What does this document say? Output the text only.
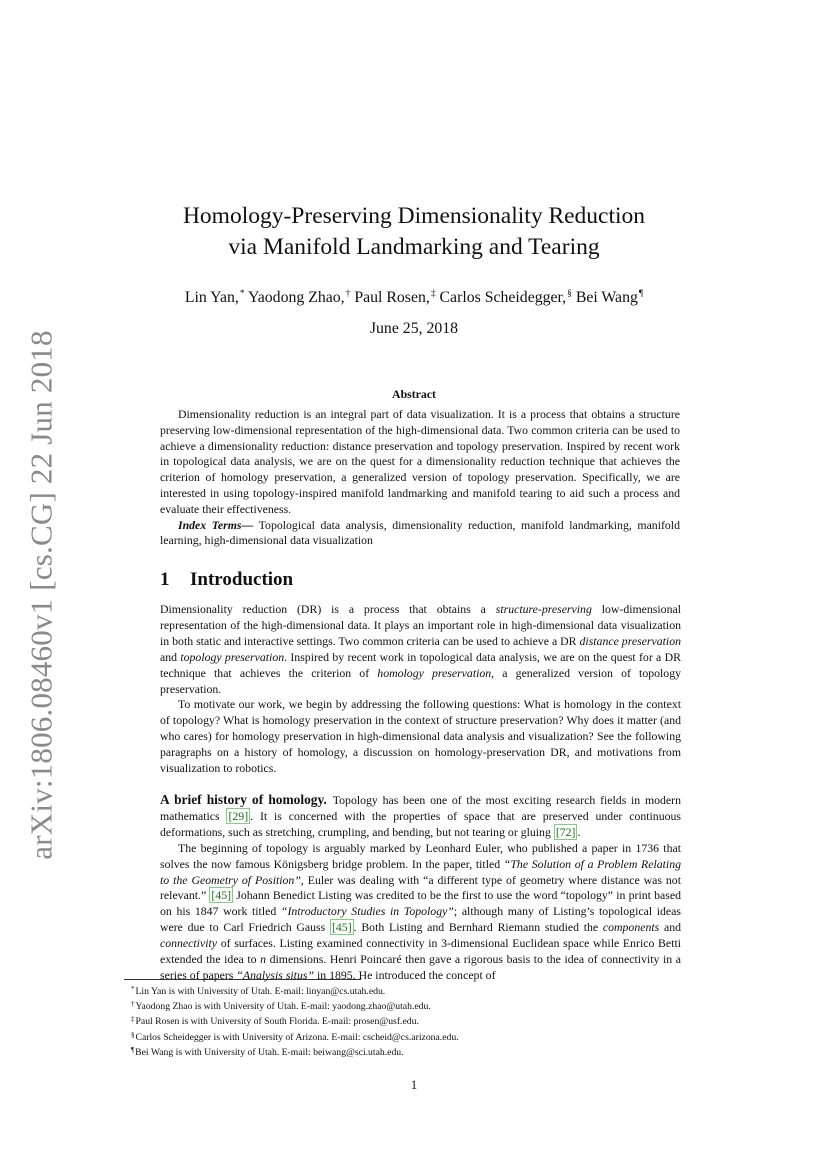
arXiv:1806.08460v1 [cs.CG] 22 Jun 2018
Homology-Preserving Dimensionality Reduction
via Manifold Landmarking and Tearing
Lin Yan,* Yaodong Zhao,† Paul Rosen,‡ Carlos Scheidegger,§ Bei Wang¶
June 25, 2018
Abstract

Dimensionality reduction is an integral part of data visualization. It is a process that obtains a structure preserving low-dimensional representation of the high-dimensional data. Two common criteria can be used to achieve a dimensionality reduction: distance preservation and topology preservation. Inspired by recent work in topological data analysis, we are on the quest for a dimensionality reduction technique that achieves the criterion of homology preservation, a generalized version of topology preservation. Specifically, we are interested in using topology-inspired manifold landmarking and manifold tearing to aid such a process and evaluate their effectiveness.

Index Terms— Topological data analysis, dimensionality reduction, manifold landmarking, manifold learning, high-dimensional data visualization

1 Introduction

Dimensionality reduction (DR) is a process that obtains a structure-preserving low-dimensional representation of the high-dimensional data. It plays an important role in high-dimensional data visualization in both static and interactive settings. Two common criteria can be used to achieve a DR distance preservation and topology preservation. Inspired by recent work in topological data analysis, we are on the quest for a DR technique that achieves the criterion of homology preservation, a generalized version of topology preservation.

To motivate our work, we begin by addressing the following questions: What is homology in the context of topology? What is homology preservation in the context of structure preservation? Why does it matter (and who cares) for homology preservation in high-dimensional data analysis and visualization? See the following paragraphs on a history of homology, a discussion on homology-preservation DR, and motivations from visualization to robotics.

A brief history of homology. Topology has been one of the most exciting research fields in modern mathematics [29] . It is concerned with the properties of space that are preserved under continuous deformations, such as stretching, crumpling, and bending, but not tearing or gluing [72] .

The beginning of topology is arguably marked by Leonhard Euler, who published a paper in 1736 that solves the now famous Königsberg bridge problem. In the paper, titled “The Solution of a Problem Relating to the Geometry of Position”, Euler was dealing with “a different type of geometry where distance was not relevant.” [45] Johann Benedict Listing was credited to be the first to use the word “topology” in print based on his 1847 work titled “Introductory Studies in Topology”; although many of Listing’s topological ideas were due to Carl Friedrich Gauss [45] . Both Listing and Bernhard Riemann studied the components and connectivity of surfaces. Listing examined connectivity in 3-dimensional Euclidean space while Enrico Betti extended the idea to n dimensions. Henri Poincaré then gave a rigorous basis to the idea of connectivity in a series of papers “Analysis situs” in 1895. He introduced the concept of

*Lin Yan is with University of Utah. E-mail: linyan@cs.utah.edu.
†Yaodong Zhao is with University of Utah. E-mail: yaodong.zhao@utah.edu.
‡Paul Rosen is with University of South Florida. E-mail: prosen@usf.edu.
§Carlos Scheidegger is with University of Arizona. E-mail: cscheid@cs.arizona.edu.
¶Bei Wang is with University of Utah. E-mail: beiwang@sci.utah.edu.
1
